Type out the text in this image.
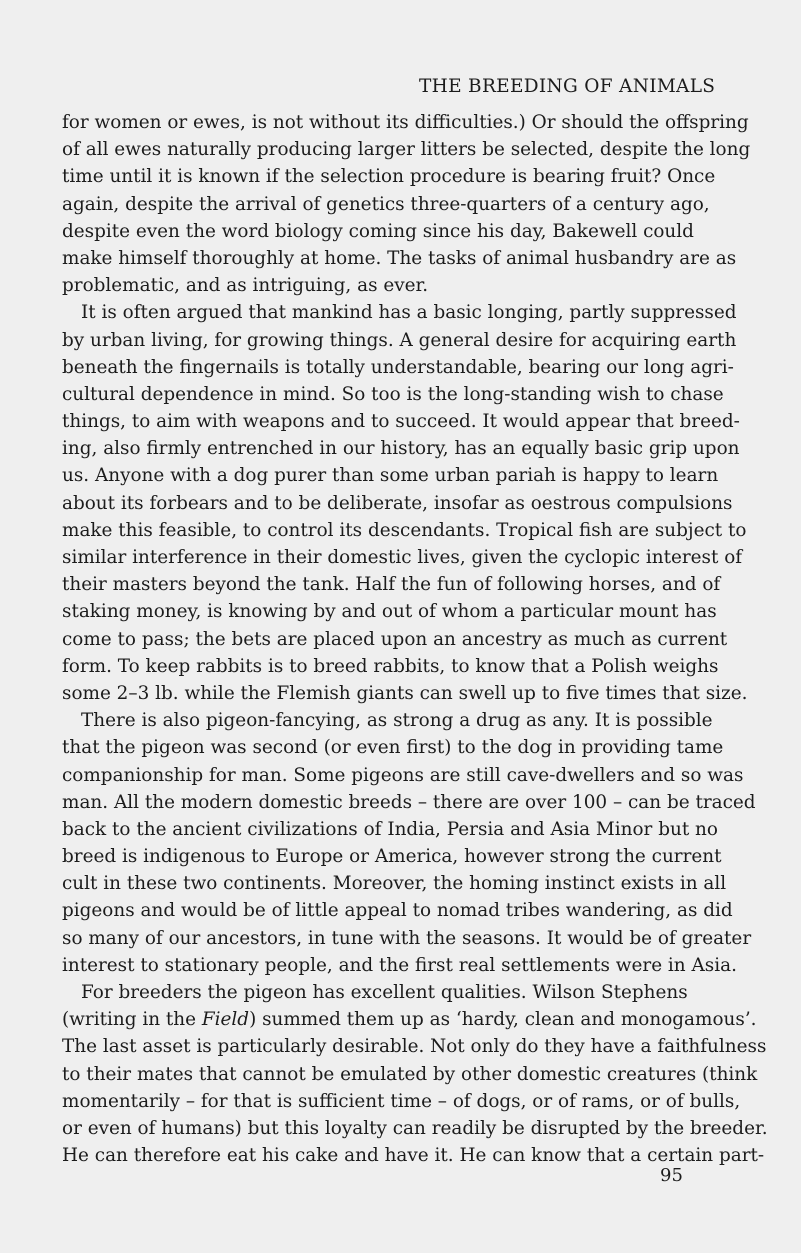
THE BREEDING OF ANIMALS
for women or ewes, is not without its difficulties.) Or should the offspring
of all ewes naturally producing larger litters be selected, despite the long
time until it is known if the selection procedure is bearing fruit? Once
again, despite the arrival of genetics three-quarters of a century ago,
despite even the word biology coming since his day, Bakewell could
make himself thoroughly at home. The tasks of animal husbandry are as
problematic, and as intriguing, as ever.
It is often argued that mankind has a basic longing, partly suppressed
by urban living, for growing things. A general desire for acquiring earth
beneath the fingernails is totally understandable, bearing our long agri-
cultural dependence in mind. So too is the long-standing wish to chase
things, to aim with weapons and to succeed. It would appear that breed-
ing, also firmly entrenched in our history, has an equally basic grip upon
us. Anyone with a dog purer than some urban pariah is happy to learn
about its forbears and to be deliberate, insofar as oestrous compulsions
make this feasible, to control its descendants. Tropical fish are subject to
similar interference in their domestic lives, given the cyclopic interest of
their masters beyond the tank. Half the fun of following horses, and of
staking money, is knowing by and out of whom a particular mount has
come to pass; the bets are placed upon an ancestry as much as current
form. To keep rabbits is to breed rabbits, to know that a Polish weighs
some 2–3 lb. while the Flemish giants can swell up to five times that size.
There is also pigeon-fancying, as strong a drug as any. It is possible
that the pigeon was second (or even first) to the dog in providing tame
companionship for man. Some pigeons are still cave-dwellers and so was
man. All the modern domestic breeds – there are over 100 – can be traced
back to the ancient civilizations of India, Persia and Asia Minor but no
breed is indigenous to Europe or America, however strong the current
cult in these two continents. Moreover, the homing instinct exists in all
pigeons and would be of little appeal to nomad tribes wandering, as did
so many of our ancestors, in tune with the seasons. It would be of greater
interest to stationary people, and the first real settlements were in Asia.
For breeders the pigeon has excellent qualities. Wilson Stephens
(writing in the Field) summed them up as ‘hardy, clean and monogamous’.
The last asset is particularly desirable. Not only do they have a faithfulness
to their mates that cannot be emulated by other domestic creatures (think
momentarily – for that is sufficient time – of dogs, or of rams, or of bulls,
or even of humans) but this loyalty can readily be disrupted by the breeder.
He can therefore eat his cake and have it. He can know that a certain part-
95
